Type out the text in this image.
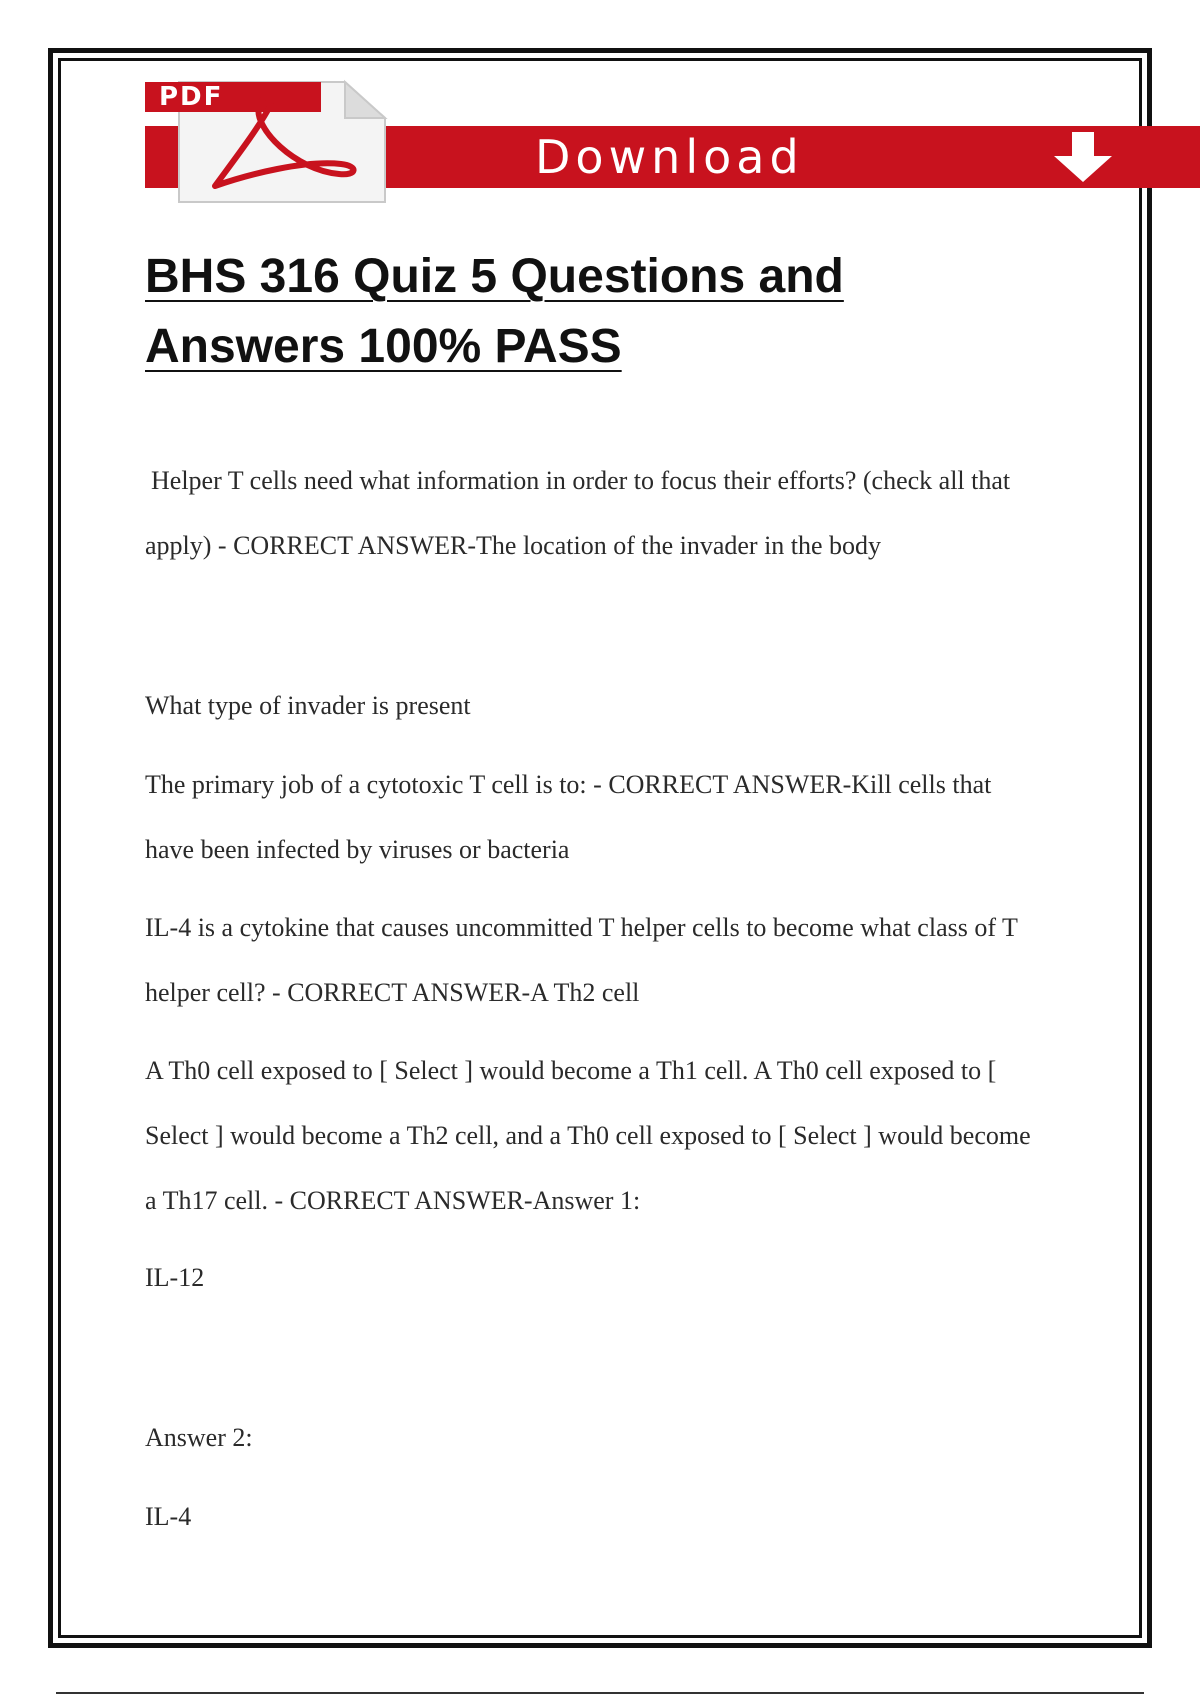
Download
PDF
BHS 316 Quiz 5 Questions and
Answers 100% PASS

Helper T cells need what information in order to focus their efforts? (check all that apply) - CORRECT ANSWER-The location of the invader in the body

What type of invader is present

The primary job of a cytotoxic T cell is to: - CORRECT ANSWER-Kill cells that have been infected by viruses or bacteria

IL-4 is a cytokine that causes uncommitted T helper cells to become what class of T helper cell? - CORRECT ANSWER-A Th2 cell

A Th0 cell exposed to [ Select ] would become a Th1 cell. A Th0 cell exposed to [ Select ] would become a Th2 cell, and a Th0 cell exposed to [ Select ] would become a Th17 cell. - CORRECT ANSWER-Answer 1:

IL-12

Answer 2:

IL-4
